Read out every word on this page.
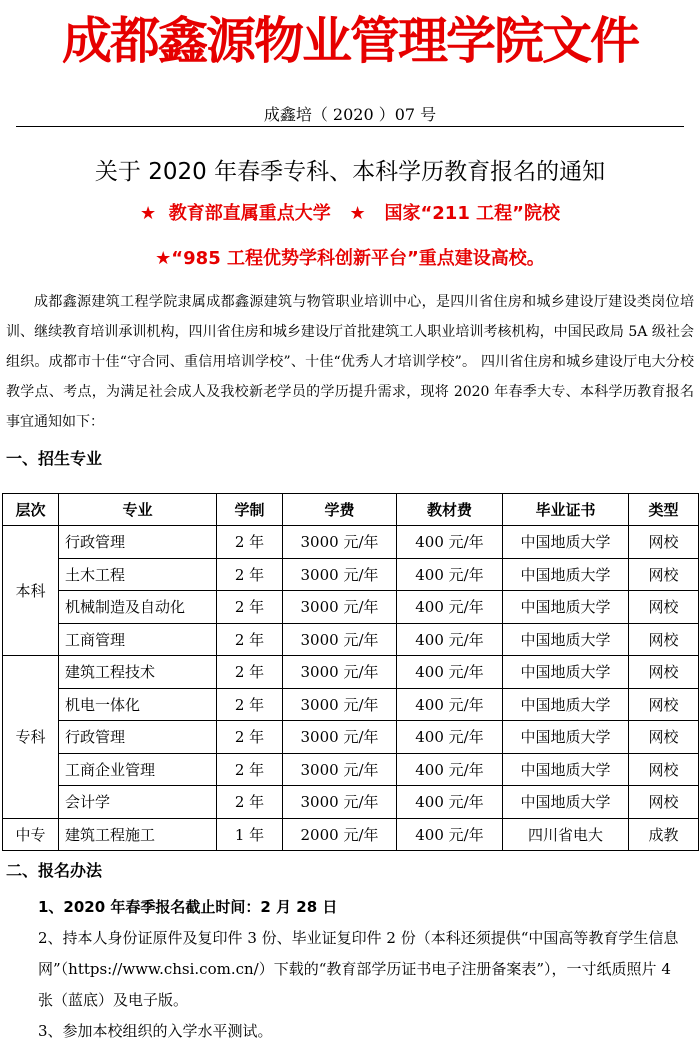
成都鑫源物业管理学院文件
成鑫培（ 2020 ）07 号
关于 2020 年春季专科、本科学历教育报名的通知
★  教育部直属重点大学   ★   国家“211 工程”院校
★“985 工程优势学科创新平台”重点建设高校。
成都鑫源建筑工程学院隶属成都鑫源建筑与物管职业培训中心，是四川省住房和城乡建设厅建设类岗位培训、继续教育培训承训机构，四川省住房和城乡建设厅首批建筑工人职业培训考核机构，中国民政局 5A 级社会组织。成都市十佳“守合同、重信用培训学校”、十佳“优秀人才培训学校”。 四川省住房和城乡建设厅电大分校教学点、考点，为满足社会成人及我校新老学员的学历提升需求，现将 2020 年春季大专、本科学历教育报名事宜通知如下：
一、招生专业
层次	专业	学制	学费	教材费	毕业证书	类型
本科	行政管理	2 年	3000 元/年	400 元/年	中国地质大学	网校
	土木工程	2 年	3000 元/年	400 元/年	中国地质大学	网校
	机械制造及自动化	2 年	3000 元/年	400 元/年	中国地质大学	网校
	工商管理	2 年	3000 元/年	400 元/年	中国地质大学	网校
专科	建筑工程技术	2 年	3000 元/年	400 元/年	中国地质大学	网校
	机电一体化	2 年	3000 元/年	400 元/年	中国地质大学	网校
	行政管理	2 年	3000 元/年	400 元/年	中国地质大学	网校
	工商企业管理	2 年	3000 元/年	400 元/年	中国地质大学	网校
	会计学	2 年	3000 元/年	400 元/年	中国地质大学	网校
中专	建筑工程施工	1 年	2000 元/年	400 元/年	四川省电大	成教
二、报名办法

1、2020 年春季报名截止时间：2 月 28 日

2、持本人身份证原件及复印件 3 份、毕业证复印件 2 份（本科还须提供“中国高等教育学生信息网”（https://www.chsi.com.cn/）下载的“教育部学历证书电子注册备案表”），一寸纸质照片 4 张（蓝底）及电子版。

3、参加本校组织的入学水平测试。
